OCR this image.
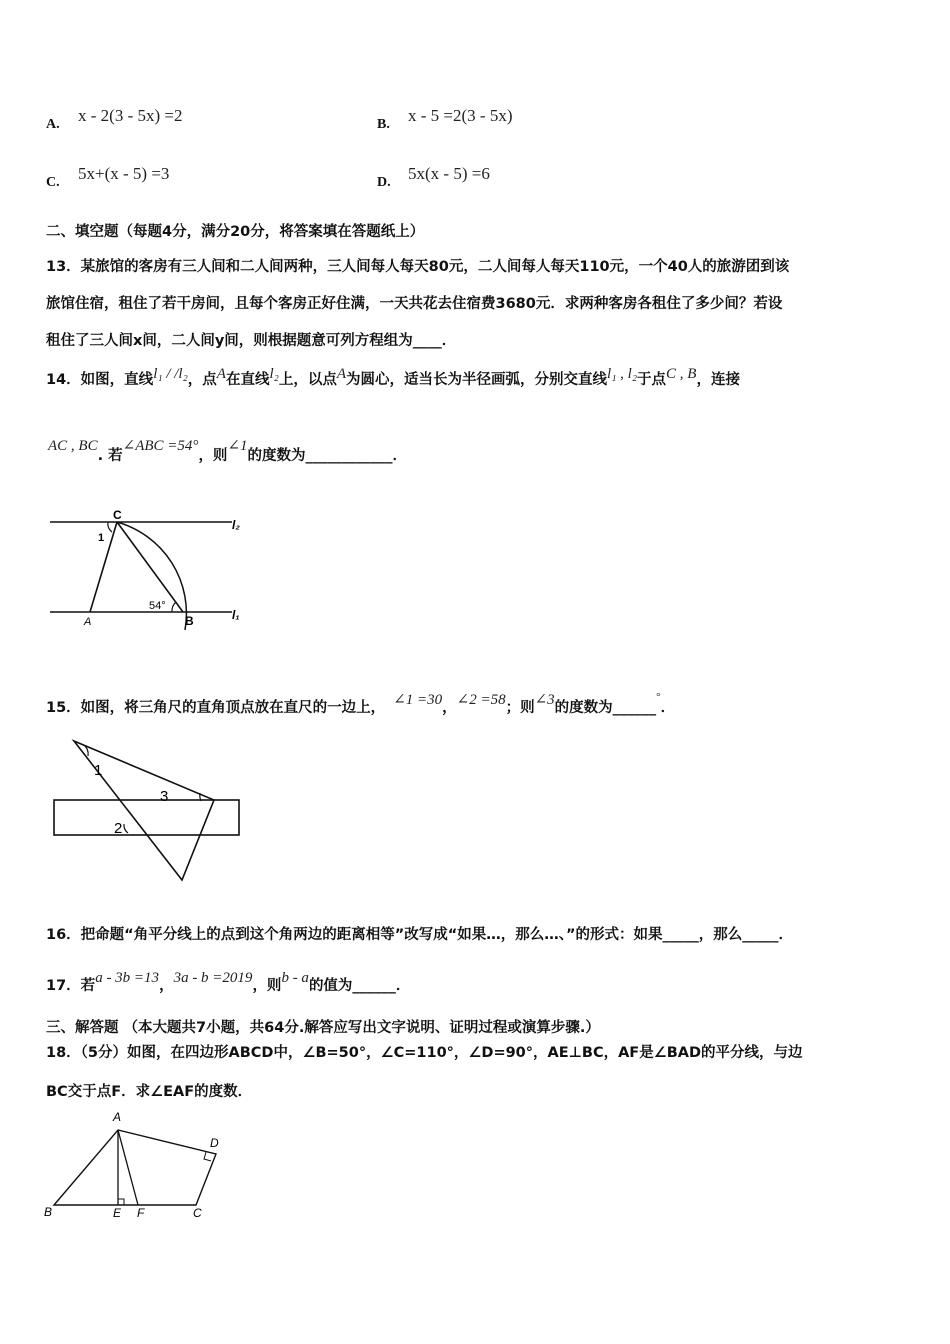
A. x - 2(3 - 5x) =2	B. x - 5 =2(3 - 5x)
C. 5x+(x - 5) =3	D. 5x(x - 5) =6
二、填空题（每题4分，满分20分，将答案填在答题纸上）
13．某旅馆的客房有三人间和二人间两种，三人间每人每天80元，二人间每人每天110元，一个40人的旅游团到该
旅馆住宿，租住了若干房间，且每个客房正好住满，一天共花去住宿费3680元．求两种客房各租住了多少间？若设
租住了三人间x间，二人间y间，则根据题意可列方程组为____．
14．如图，直线l₁ / /l₂，点A在直线l₂上，以点A为圆心，适当长为半径画弧，分别交直线l₁ , l₂于点C , B，连接
AC , BC. 若∠ABC =54°，则∠1的度数为____________．
C
1
54°
A	B
l₂
l₁
15．如图，将三角尺的直角顶点放在直尺的一边上， ∠1 =30，∠2 =58；则∠3的度数为______°．
1
3
2
16．把命题“角平分线上的点到这个角两边的距离相等”改写成“如果…，那么…、”的形式：如果_____，那么_____．
17．若a - 3b =13，3a - b =2019，则b - a的值为______．
三、解答题 （本大题共7小题，共64分.解答应写出文字说明、证明过程或演算步骤.）
18．（5分）如图，在四边形ABCD中，∠B=50°，∠C=110°，∠D=90°，AE⊥BC，AF是∠BAD的平分线，与边
BC交于点F．求∠EAF的度数．
A
B	E F	C
D
